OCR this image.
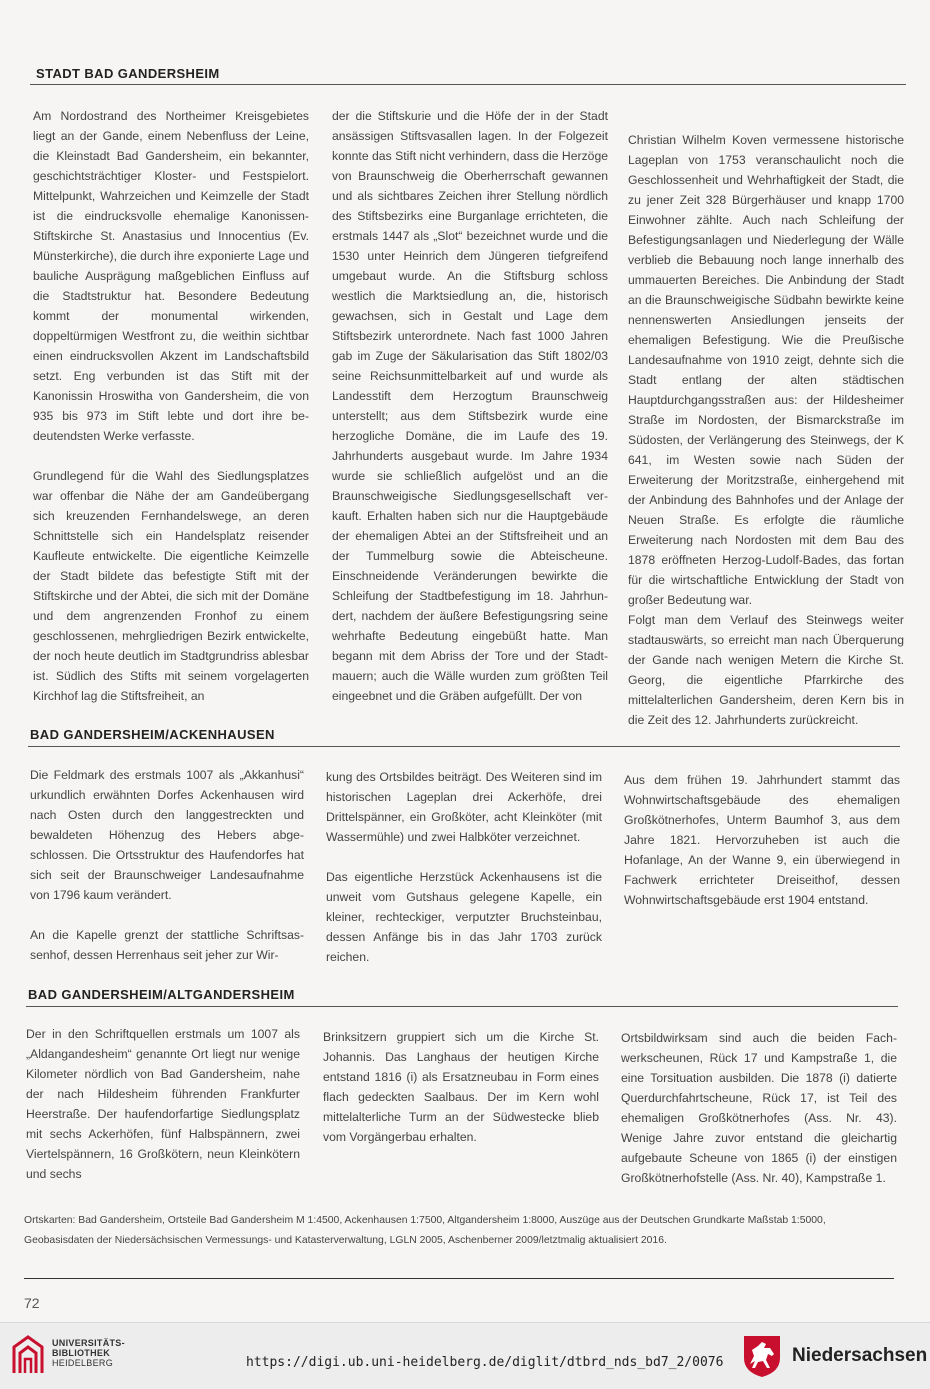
STADT BAD GANDERSHEIM

Am Nordostrand des Northeimer Kreisgebietes liegt an der Gande, einem Nebenfluss der Leine, die Kleinstadt Bad Gandersheim, ein bekannter, geschichtsträchtiger Kloster- und Festspielort. Mittelpunkt, Wahrzeichen und Keimzelle der Stadt ist die eindrucksvolle ehemalige Kanonissen-Stiftskirche St. Anastasius und Innocentius (Ev. Münsterkirche), die durch ihre exponierte Lage und bauliche Ausprägung maßgeblichen Einfluss auf die Stadtstruktur hat. Besondere Bedeutung kommt der monumental wirkenden, doppeltürmigen Westfront zu, die weithin sichtbar einen eindrucksvollen Akzent im Landschaftsbild setzt. Eng verbunden ist das Stift mit der Kanonissin Hroswitha von Gandersheim, die von 935 bis 973 im Stift lebte und dort ihre bedeutendsten Werke verfasste.

Grundlegend für die Wahl des Siedlungsplatzes war offenbar die Nähe der am Gandeübergang sich kreuzenden Fernhandelswege, an deren Schnittstelle sich ein Handelsplatz reisender Kaufleute entwickelte. Die eigentliche Keimzelle der Stadt bildete das befestigte Stift mit der Stiftskirche und der Abtei, die sich mit der Domäne und dem angrenzenden Fronhof zu einem geschlossenen, mehrgliedrigen Bezirk entwickelte, der noch heute deutlich im Stadtgrundriss ablesbar ist. Südlich des Stifts mit seinem vorgelagerten Kirchhof lag die Stiftsfreiheit, an

der die Stiftskurie und die Höfe der in der Stadt ansässigen Stiftsvasallen lagen. In der Folgezeit konnte das Stift nicht verhindern, dass die Herzöge von Braunschweig die Oberherrschaft gewannen und als sichtbares Zeichen ihrer Stellung nördlich des Stiftsbezirks eine Burganlage errichteten, die erstmals 1447 als „Slot“ bezeichnet wurde und die 1530 unter Heinrich dem Jüngeren tiefgreifend umgebaut wurde. An die Stiftsburg schloss westlich die Marktsiedlung an, die, historisch gewachsen, sich in Gestalt und Lage dem Stiftsbezirk unterordnete. Nach fast 1000 Jahren gab im Zuge der Säkularisation das Stift 1802/03 seine Reichsunmittelbarkeit auf und wurde als Landesstift dem Herzogtum Braunschweig unterstellt; aus dem Stiftsbezirk wurde eine herzogliche Domäne, die im Laufe des 19. Jahrhunderts ausgebaut wurde. Im Jahre 1934 wurde sie schließlich aufgelöst und an die Braunschweigische Siedlungsgesellschaft verkauft. Erhalten haben sich nur die Hauptgebäude der ehemaligen Abtei an der Stiftsfreiheit und an der Tummelburg sowie die Abteischeune. Einschneidende Veränderungen bewirkte die Schleifung der Stadtbefestigung im 18. Jahrhundert, nachdem der äußere Befestigungsring seine wehrhafte Bedeutung eingebüßt hatte. Man begann mit dem Abriss der Tore und der Stadtmauern; auch die Wälle wurden zum größten Teil eingeebnet und die Gräben aufgefüllt. Der von

Christian Wilhelm Koven vermessene historische Lageplan von 1753 veranschaulicht noch die Geschlossenheit und Wehrhaftigkeit der Stadt, die zu jener Zeit 328 Bürgerhäuser und knapp 1700 Einwohner zählte. Auch nach Schleifung der Befestigungsanlagen und Niederlegung der Wälle verblieb die Bebauung noch lange innerhalb des ummauerten Bereiches. Die Anbindung der Stadt an die Braunschweigische Südbahn bewirkte keine nennenswerten Ansiedlungen jenseits der ehemaligen Befestigung. Wie die Preußische Landesaufnahme von 1910 zeigt, dehnte sich die Stadt entlang der alten städtischen Hauptdurchgangsstraßen aus: der Hildesheimer Straße im Nordosten, der Bismarckstraße im Südosten, der Verlängerung des Steinwegs, der K 641, im Westen sowie nach Süden der Erweiterung der Moritzstraße, einhergehend mit der Anbindung des Bahnhofes und der Anlage der Neuen Straße. Es erfolgte die räumliche Erweiterung nach Nordosten mit dem Bau des 1878 eröffneten Herzog-Ludolf-Bades, das fortan für die wirtschaftliche Entwicklung der Stadt von großer Bedeutung war.
Folgt man dem Verlauf des Steinwegs weiter stadtauswärts, so erreicht man nach Überquerung der Gande nach wenigen Metern die Kirche St. Georg, die eigentliche Pfarrkirche des mittelalterlichen Gandersheim, deren Kern bis in die Zeit des 12. Jahrhunderts zurückreicht.

BAD GANDERSHEIM/ACKENHAUSEN

Die Feldmark des erstmals 1007 als „Akkanhusi“ urkundlich erwähnten Dorfes Ackenhausen wird nach Osten durch den langgestreckten und bewaldeten Höhenzug des Hebers abgeschlossen. Die Ortsstruktur des Haufendorfes hat sich seit der Braunschweiger Landesaufnahme von 1796 kaum verändert.

An die Kapelle grenzt der stattliche Schriftsassenhof, dessen Herrenhaus seit jeher zur Wir-

kung des Ortsbildes beiträgt. Des Weiteren sind im historischen Lageplan drei Ackerhöfe, drei Drittelspänner, ein Großköter, acht Kleinköter (mit Wassermühle) und zwei Halbköter verzeichnet.

Das eigentliche Herzstück Ackenhausens ist die unweit vom Gutshaus gelegene Kapelle, ein kleiner, rechteckiger, verputzter Bruchsteinbau, dessen Anfänge bis in das Jahr 1703 zurück reichen.

Aus dem frühen 19. Jahrhundert stammt das Wohnwirtschaftsgebäude des ehemaligen Großkötnerhofes, Unterm Baumhof 3, aus dem Jahre 1821. Hervorzuheben ist auch die Hofanlage, An der Wanne 9, ein überwiegend in Fachwerk errichteter Dreiseithof, dessen Wohnwirtschaftsgebäude erst 1904 entstand.

BAD GANDERSHEIM/ALTGANDERSHEIM

Der in den Schriftquellen erstmals um 1007 als „Aldangandesheim“ genannte Ort liegt nur wenige Kilometer nördlich von Bad Gandersheim, nahe der nach Hildesheim führenden Frankfurter Heerstraße. Der haufendorfartige Siedlungsplatz mit sechs Ackerhöfen, fünf Halbspännern, zwei Viertelspännern, 16 Großkötern, neun Kleinkötern und sechs

Brinksitzern gruppiert sich um die Kirche St. Johannis. Das Langhaus der heutigen Kirche entstand 1816 (i) als Ersatzneubau in Form eines flach gedeckten Saalbaus. Der im Kern wohl mittelalterliche Turm an der Südwestecke blieb vom Vorgängerbau erhalten.

Ortsbildwirksam sind auch die beiden Fachwerkscheunen, Rück 17 und Kampstraße 1, die eine Torsituation ausbilden. Die 1878 (i) datierte Querdurchfahrtscheune, Rück 17, ist Teil des ehemaligen Großkötnerhofes (Ass. Nr. 43). Wenige Jahre zuvor entstand die gleichartig aufgebaute Scheune von 1865 (i) der einstigen Großkötnerhofstelle (Ass. Nr. 40), Kampstraße 1.

Ortskarten: Bad Gandersheim, Ortsteile Bad Gandersheim M 1:4500, Ackenhausen 1:7500, Altgandersheim 1:8000, Auszüge aus der Deutschen Grundkarte Maßstab 1:5000, Geobasisdaten der Niedersächsischen Vermessungs- und Katasterverwaltung, LGLN 2005, Aschenberner 2009/letztmalig aktualisiert 2016.
72
UNIVERSITÄTS-
BIBLIOTHEK
HEIDELBERG	https://digi.ub.uni-heidelberg.de/diglit/dtbrd_nds_bd7_2/0076	Niedersachsen
